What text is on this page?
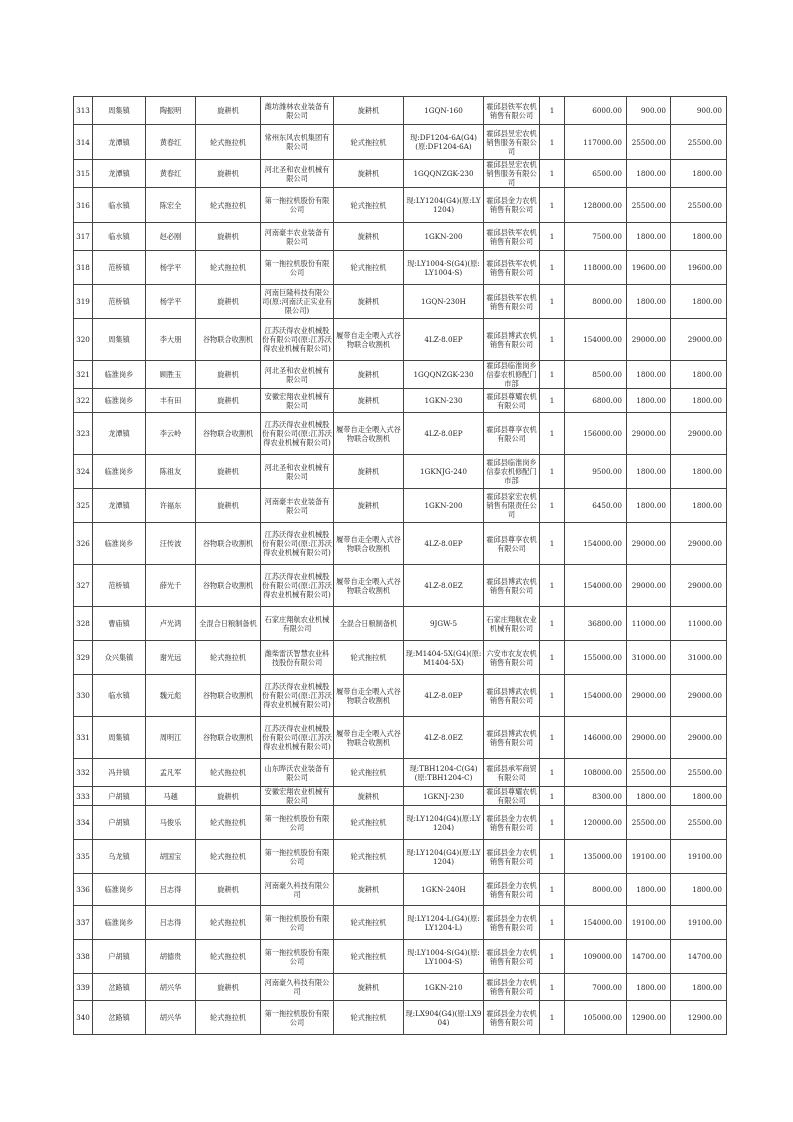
313	周集镇	陶振明	旋耕机	潍坊潍林农业装备有限公司	旋耕机	1GQN-160	霍邱县铁军农机销售有限公司	1	6000.00	900.00	900.00
314	龙潭镇	黄春红	轮式拖拉机	常州东风农机集团有限公司	轮式拖拉机	现:DF1204-6A(G4)(原:DF1204-6A)	霍邱县昱宏农机销售服务有限公司	1	117000.00	25500.00	25500.00
315	龙潭镇	黄春红	旋耕机	河北圣和农业机械有限公司	旋耕机	1GQQNZGK-230	霍邱县昱宏农机销售服务有限公司	1	6500.00	1800.00	1800.00
316	临水镇	陈宏全	轮式拖拉机	第一拖拉机股份有限公司	轮式拖拉机	现:LY1204(G4)(原:LY1204)	霍邱县金力农机销售有限公司	1	128000.00	25500.00	25500.00
317	临水镇	赵必刚	旋耕机	河南豪丰农业装备有限公司	旋耕机	1GKN-200	霍邱县铁军农机销售有限公司	1	7500.00	1800.00	1800.00
318	范桥镇	杨学平	轮式拖拉机	第一拖拉机股份有限公司	轮式拖拉机	现:LY1004-S(G4)(原:LY1004-S)	霍邱县铁军农机销售有限公司	1	118000.00	19600.00	19600.00
319	范桥镇	杨学平	旋耕机	河南巨隆科技有限公司(原:河南沃正实业有限公司)	旋耕机	1GQN-230H	霍邱县铁军农机销售有限公司	1	8000.00	1800.00	1800.00
320	周集镇	李大朋	谷物联合收割机	江苏沃得农业机械股份有限公司(原:江苏沃得农业机械有限公司)	履带自走全喂入式谷物联合收割机	4LZ-8.0EP	霍邱县博武农机销售有限公司	1	154000.00	29000.00	29000.00
321	临淮岗乡	顾胜玉	旋耕机	河北圣和农业机械有限公司	旋耕机	1GQQNZGK-230	霍邱县临淮岗乡信泰农机修配门市部	1	8500.00	1800.00	1800.00
322	临淮岗乡	丰有田	旋耕机	安徽宏翔农业机械有限公司	旋耕机	1GKN-230	霍邱县尊耀农机有限公司	1	6800.00	1800.00	1800.00
323	龙潭镇	李云岭	谷物联合收割机	江苏沃得农业机械股份有限公司(原:江苏沃得农业机械有限公司)	履带自走全喂入式谷物联合收割机	4LZ-8.0EP	霍邱县尊享农机有限公司	1	156000.00	29000.00	29000.00
324	临淮岗乡	陈祖友	旋耕机	河北圣和农业机械有限公司	旋耕机	1GKNJG-240	霍邱县临淮岗乡信泰农机修配门市部	1	9500.00	1800.00	1800.00
325	龙潭镇	许福东	旋耕机	河南豪丰农业装备有限公司	旋耕机	1GKN-200	霍邱县家宏农机销售有限责任公司	1	6450.00	1800.00	1800.00
326	临淮岗乡	汪传波	谷物联合收割机	江苏沃得农业机械股份有限公司(原:江苏沃得农业机械有限公司)	履带自走全喂入式谷物联合收割机	4LZ-8.0EP	霍邱县尊享农机有限公司	1	154000.00	29000.00	29000.00
327	范桥镇	薛光千	谷物联合收割机	江苏沃得农业机械股份有限公司(原:江苏沃得农业机械有限公司)	履带自走全喂入式谷物联合收割机	4LZ-8.0EZ	霍邱县博武农机销售有限公司	1	154000.00	29000.00	29000.00
328	曹庙镇	卢光鸿	全混合日粮制备机	石家庄翔航农业机械有限公司	全混合日粮制备机	9JGW-5	石家庄翔航农业机械有限公司	1	36800.00	11000.00	11000.00
329	众兴集镇	谢光远	轮式拖拉机	潍柴雷沃智慧农业科技股份有限公司	轮式拖拉机	现:M1404-5X(G4)(原:M1404-5X)	六安市农友农机销售有限公司	1	155000.00	31000.00	31000.00
330	临水镇	魏元彪	谷物联合收割机	江苏沃得农业机械股份有限公司(原:江苏沃得农业机械有限公司)	履带自走全喂入式谷物联合收割机	4LZ-8.0EP	霍邱县博武农机销售有限公司	1	154000.00	29000.00	29000.00
331	周集镇	周明江	谷物联合收割机	江苏沃得农业机械股份有限公司(原:江苏沃得农业机械有限公司)	履带自走全喂入式谷物联合收割机	4LZ-8.0EZ	霍邱县博武农机销售有限公司	1	146000.00	29000.00	29000.00
332	冯井镇	孟凡军	轮式拖拉机	山东晔沃农业装备有限公司	轮式拖拉机	现:TBH1204-C(G4)(原:TBH1204-C)	霍邱县承军商贸有限公司	1	108000.00	25500.00	25500.00
333	户胡镇	马越	旋耕机	安徽宏翔农业机械有限公司	旋耕机	1GKNJ-230	霍邱县尊耀农机有限公司	1	8300.00	1800.00	1800.00
334	户胡镇	马俊乐	轮式拖拉机	第一拖拉机股份有限公司	轮式拖拉机	现:LY1204(G4)(原:LY1204)	霍邱县金力农机销售有限公司	1	120000.00	25500.00	25500.00
335	乌龙镇	胡国宝	轮式拖拉机	第一拖拉机股份有限公司	轮式拖拉机	现:LY1204(G4)(原:LY1204)	霍邱县金力农机销售有限公司	1	135000.00	19100.00	19100.00
336	临淮岗乡	吕志得	旋耕机	河南豪久科技有限公司	旋耕机	1GKN-240H	霍邱县金力农机销售有限公司	1	8000.00	1800.00	1800.00
337	临淮岗乡	吕志得	轮式拖拉机	第一拖拉机股份有限公司	轮式拖拉机	现:LY1204-L(G4)(原:LY1204-L)	霍邱县金力农机销售有限公司	1	154000.00	19100.00	19100.00
338	户胡镇	胡德贵	轮式拖拉机	第一拖拉机股份有限公司	轮式拖拉机	现:LY1004-S(G4)(原:LY1004-S)	霍邱县金力农机销售有限公司	1	109000.00	14700.00	14700.00
339	岔路镇	胡兴华	旋耕机	河南豪久科技有限公司	旋耕机	1GKN-210	霍邱县金力农机销售有限公司	1	7000.00	1800.00	1800.00
340	岔路镇	胡兴华	轮式拖拉机	第一拖拉机股份有限公司	轮式拖拉机	现:LX904(G4)(原:LX904)	霍邱县金力农机销售有限公司	1	105000.00	12900.00	12900.00
